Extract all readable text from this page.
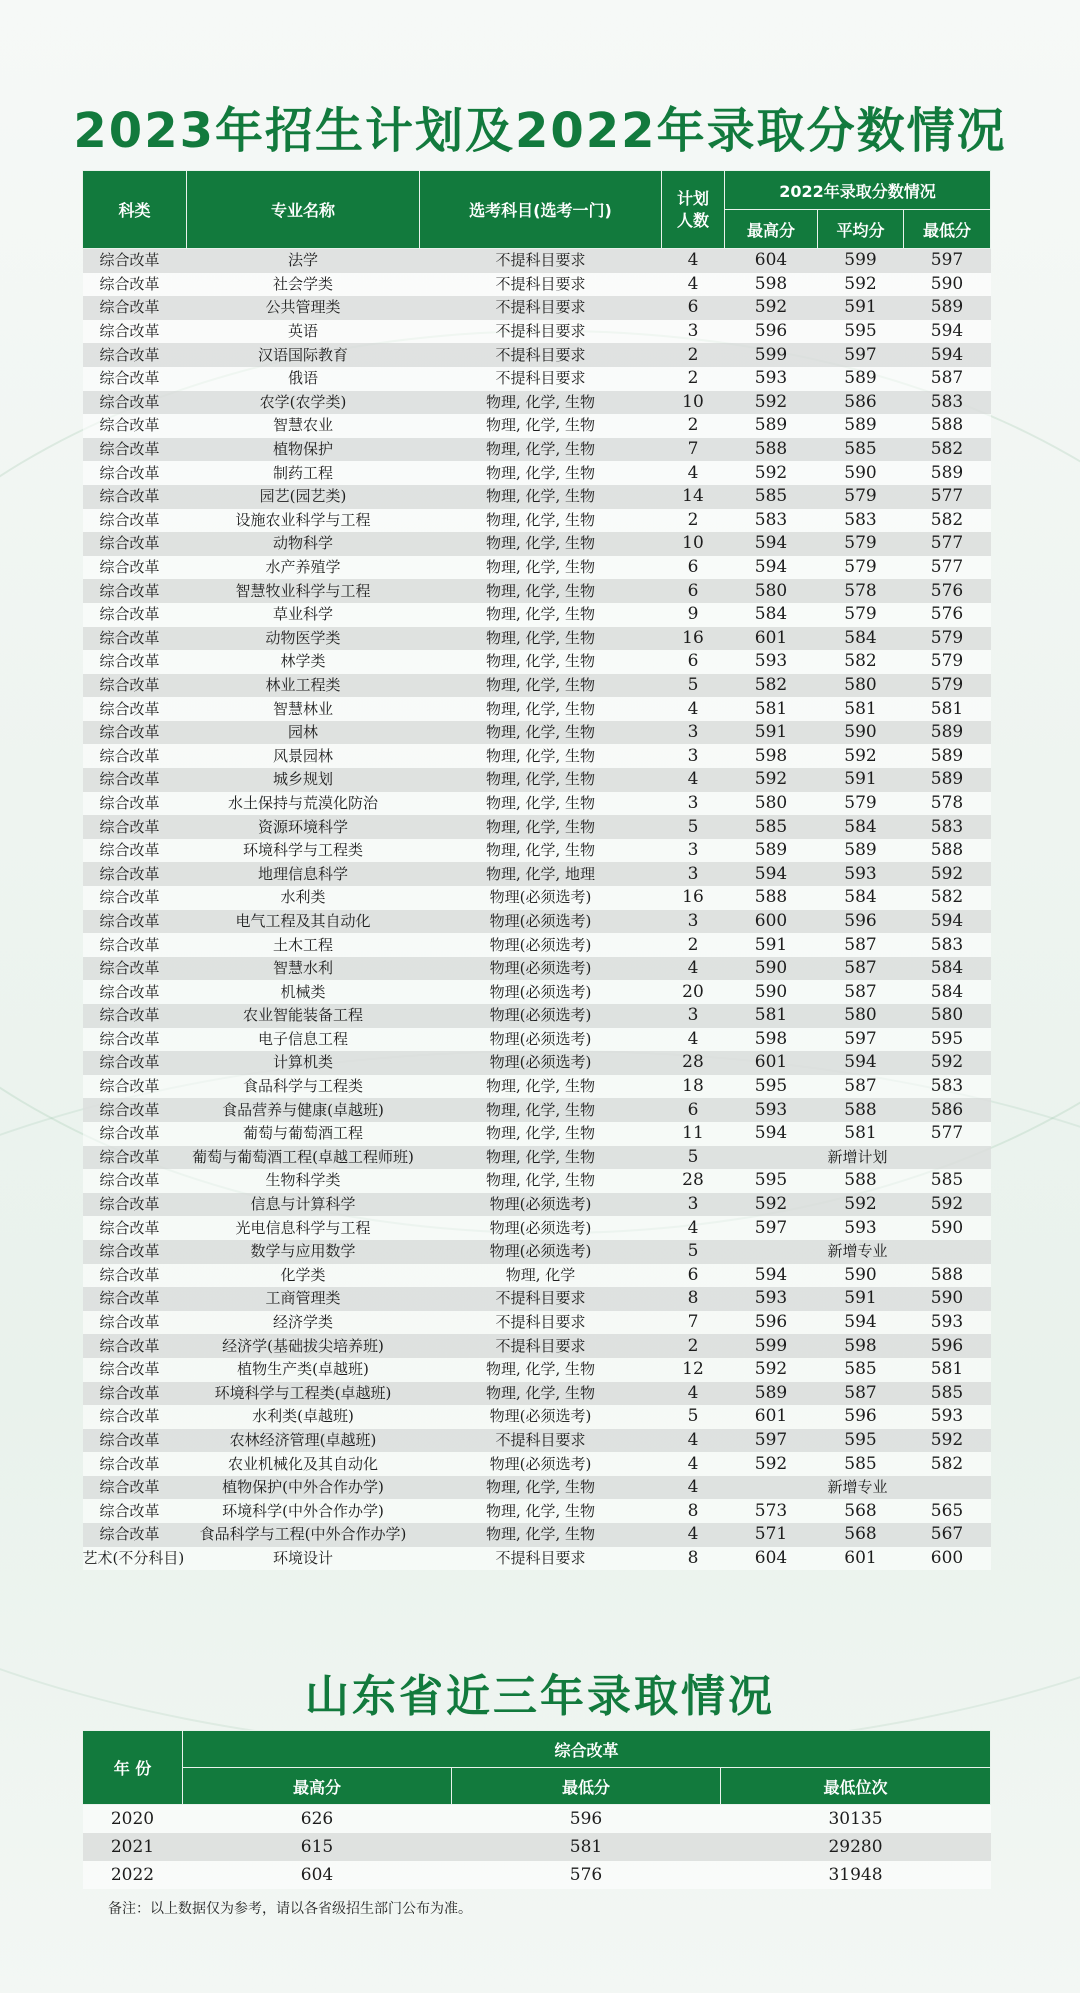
2023年招生计划及2022年录取分数情况
科类	专业名称	选考科目(选考一门)	计划人数	2022年录取分数情况		
				最高分	平均分	最低分
综合改革	法学	不提科目要求	4	604	599	597
综合改革	社会学类	不提科目要求	4	598	592	590
综合改革	公共管理类	不提科目要求	6	592	591	589
综合改革	英语	不提科目要求	3	596	595	594
综合改革	汉语国际教育	不提科目要求	2	599	597	594
综合改革	俄语	不提科目要求	2	593	589	587
综合改革	农学(农学类)	物理, 化学, 生物	10	592	586	583
综合改革	智慧农业	物理, 化学, 生物	2	589	589	588
综合改革	植物保护	物理, 化学, 生物	7	588	585	582
综合改革	制药工程	物理, 化学, 生物	4	592	590	589
综合改革	园艺(园艺类)	物理, 化学, 生物	14	585	579	577
综合改革	设施农业科学与工程	物理, 化学, 生物	2	583	583	582
综合改革	动物科学	物理, 化学, 生物	10	594	579	577
综合改革	水产养殖学	物理, 化学, 生物	6	594	579	577
综合改革	智慧牧业科学与工程	物理, 化学, 生物	6	580	578	576
综合改革	草业科学	物理, 化学, 生物	9	584	579	576
综合改革	动物医学类	物理, 化学, 生物	16	601	584	579
综合改革	林学类	物理, 化学, 生物	6	593	582	579
综合改革	林业工程类	物理, 化学, 生物	5	582	580	579
综合改革	智慧林业	物理, 化学, 生物	4	581	581	581
综合改革	园林	物理, 化学, 生物	3	591	590	589
综合改革	风景园林	物理, 化学, 生物	3	598	592	589
综合改革	城乡规划	物理, 化学, 生物	4	592	591	589
综合改革	水土保持与荒漠化防治	物理, 化学, 生物	3	580	579	578
综合改革	资源环境科学	物理, 化学, 生物	5	585	584	583
综合改革	环境科学与工程类	物理, 化学, 生物	3	589	589	588
综合改革	地理信息科学	物理, 化学, 地理	3	594	593	592
综合改革	水利类	物理(必须选考)	16	588	584	582
综合改革	电气工程及其自动化	物理(必须选考)	3	600	596	594
综合改革	土木工程	物理(必须选考)	2	591	587	583
综合改革	智慧水利	物理(必须选考)	4	590	587	584
综合改革	机械类	物理(必须选考)	20	590	587	584
综合改革	农业智能装备工程	物理(必须选考)	3	581	580	580
综合改革	电子信息工程	物理(必须选考)	4	598	597	595
综合改革	计算机类	物理(必须选考)	28	601	594	592
综合改革	食品科学与工程类	物理, 化学, 生物	18	595	587	583
综合改革	食品营养与健康(卓越班)	物理, 化学, 生物	6	593	588	586
综合改革	葡萄与葡萄酒工程	物理, 化学, 生物	11	594	581	577
综合改革	葡萄与葡萄酒工程(卓越工程师班)	物理, 化学, 生物	5	新增计划		
综合改革	生物科学类	物理, 化学, 生物	28	595	588	585
综合改革	信息与计算科学	物理(必须选考)	3	592	592	592
综合改革	光电信息科学与工程	物理(必须选考)	4	597	593	590
综合改革	数学与应用数学	物理(必须选考)	5	新增专业		
综合改革	化学类	物理, 化学	6	594	590	588
综合改革	工商管理类	不提科目要求	8	593	591	590
综合改革	经济学类	不提科目要求	7	596	594	593
综合改革	经济学(基础拔尖培养班)	不提科目要求	2	599	598	596
综合改革	植物生产类(卓越班)	物理, 化学, 生物	12	592	585	581
综合改革	环境科学与工程类(卓越班)	物理, 化学, 生物	4	589	587	585
综合改革	水利类(卓越班)	物理(必须选考)	5	601	596	593
综合改革	农林经济管理(卓越班)	不提科目要求	4	597	595	592
综合改革	农业机械化及其自动化	物理(必须选考)	4	592	585	582
综合改革	植物保护(中外合作办学)	物理, 化学, 生物	4	新增专业		
综合改革	环境科学(中外合作办学)	物理, 化学, 生物	8	573	568	565
综合改革	食品科学与工程(中外合作办学)	物理, 化学, 生物	4	571	568	567
艺术(不分科目)	环境设计	不提科目要求	8	604	601	600
山东省近三年录取情况
年 份	综合改革		
	最高分	最低分	最低位次
2020	626	596	30135
2021	615	581	29280
2022	604	576	31948
备注：以上数据仅为参考，请以各省级招生部门公布为准。
